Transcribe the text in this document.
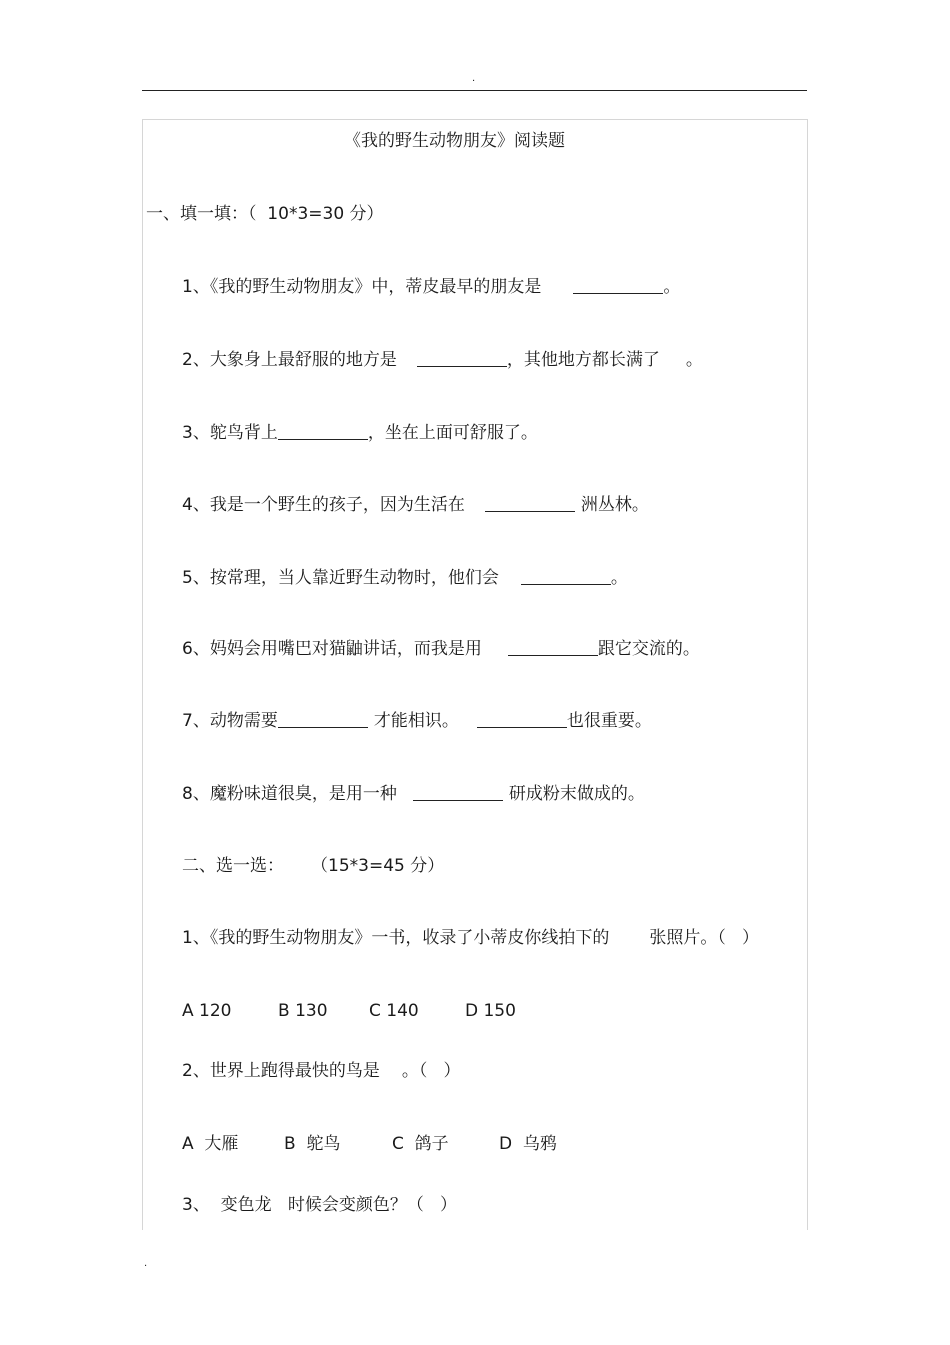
.
《我的野生动物朋友》阅读题
一、填一填：（  10*3=30 分）
1、《我的野生动物朋友》中，蒂皮最早的朋友是	。
2、大象身上最舒服的地方是	，其他地方都长满了 。
3、鸵鸟背上	，坐在上面可舒服了。
4、我是一个野生的孩子，因为生活在	洲丛林。
5、按常理，当人靠近野生动物时，他们会	。
6、妈妈会用嘴巴对猫鼬讲话，而我是用	跟它交流的。
7、动物需要	才能相识。	也很重要。
8、魔粉味道很臭，是用一种	研成粉末做成的。
二、选一选：     （15*3=45 分）
1、《我的野生动物朋友》一书，收录了小蒂皮你线拍下的 张照片。（   ）
A 120	B 130 C 140	D 150
2、世界上跑得最快的鸟是 。（   ）
A  大雁	B  鸵鸟	C  鸽子	D  乌鸦
3、  变色龙   时候会变颜色？（   ）
.
